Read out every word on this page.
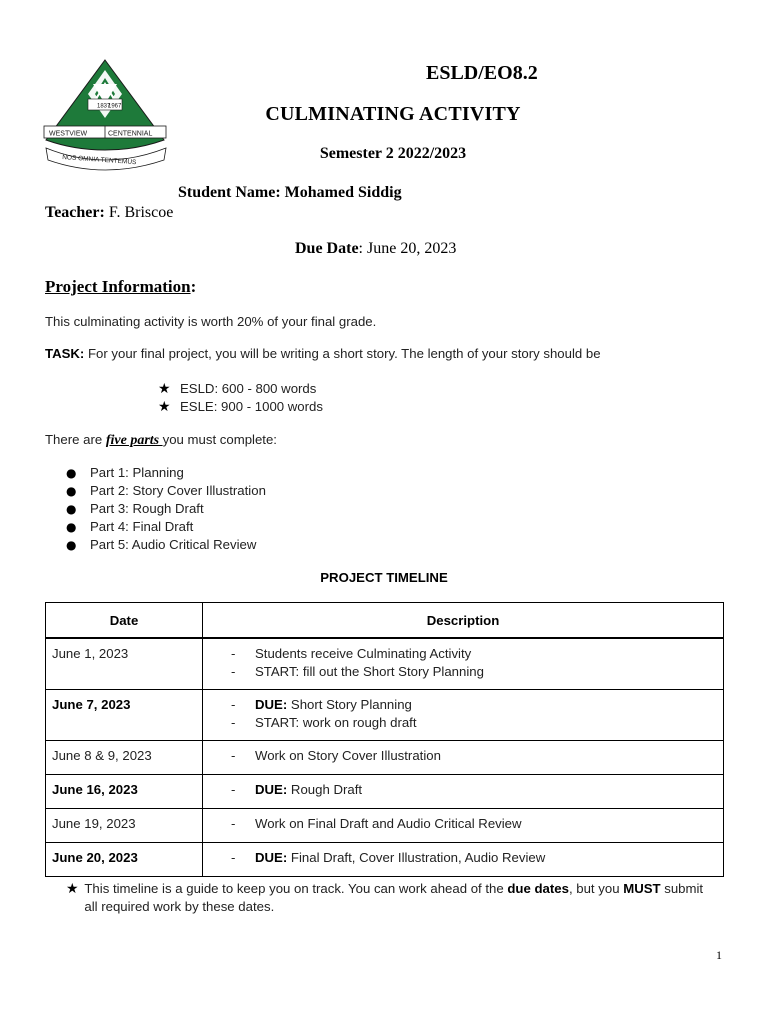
1837
1967
WESTVIEW	CENTENNIAL
NOS OMNIA TENTEMUS
ESLD/EO8.2
CULMINATING ACTIVITY
Semester 2 2022/2023
Student Name: Mohamed Siddig
Teacher: F. Briscoe
Due Date: June 20, 2023
Project Information:
This culminating activity is worth 20% of your final grade.
TASK: For your final project, you will be writing a short story. The length of your story should be
★ ESLD: 600 - 800 words
★ ESLE: 900 - 1000 words
There are five parts you must complete:
●	Part 1: Planning
●	Part 2: Story Cover Illustration
●	Part 3: Rough Draft
●	Part 4: Final Draft
●	Part 5: Audio Critical Review
PROJECT TIMELINE
Date	Description
June 1, 2023	- Students receive Culminating Activity
- START: fill out the Short Story Planning

June 7, 2023	- DUE: Short Story Planning
- START: work on rough draft

June 8 & 9, 2023	- Work on Story Cover Illustration

June 16, 2023	- DUE: Rough Draft

June 19, 2023	- Work on Final Draft and Audio Critical Review

June 20, 2023	- DUE: Final Draft, Cover Illustration, Audio Review
★ This timeline is a guide to keep you on track. You can work ahead of the due dates, but you MUST submit all required work by these dates.
1
